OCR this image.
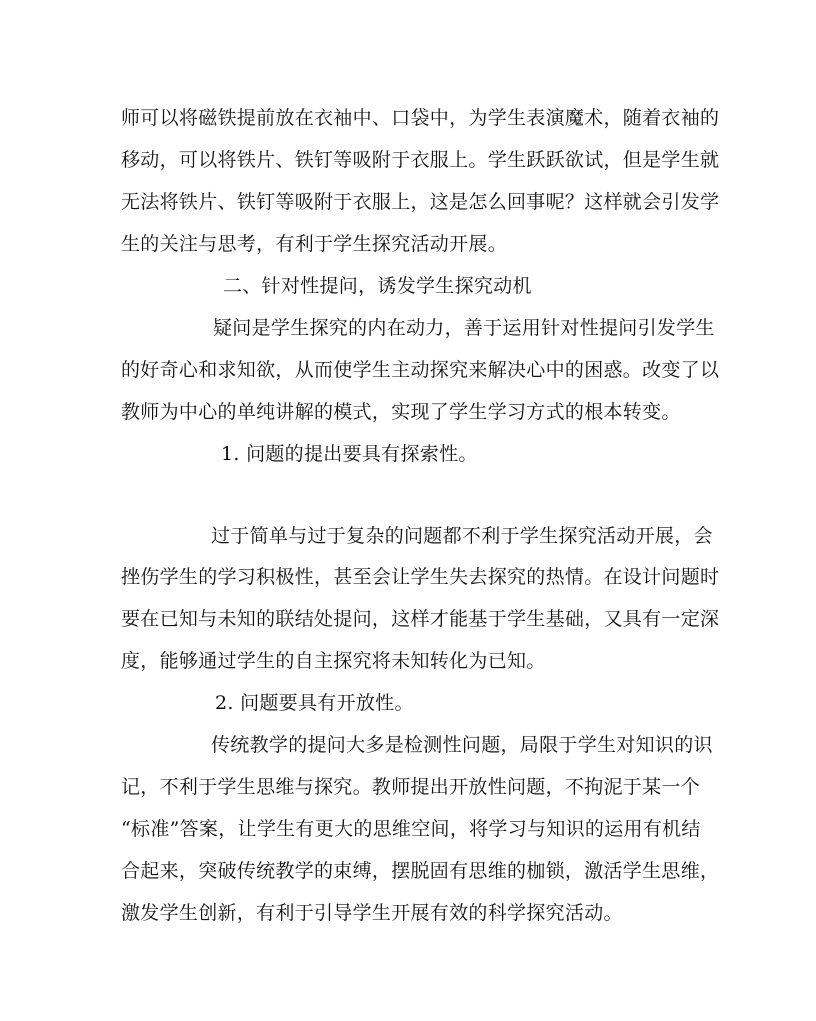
师可以将磁铁提前放在衣袖中、口袋中，为学生表演魔术，随着衣袖的
移动，可以将铁片、铁钉等吸附于衣服上。学生跃跃欲试，但是学生就
无法将铁片、铁钉等吸附于衣服上，这是怎么回事呢？这样就会引发学
生的关注与思考，有利于学生探究活动开展。
二、针对性提问，诱发学生探究动机
疑问是学生探究的内在动力，善于运用针对性提问引发学生
的好奇心和求知欲，从而使学生主动探究来解决心中的困惑。改变了以
教师为中心的单纯讲解的模式，实现了学生学习方式的根本转变。
1. 问题的提出要具有探索性。
过于简单与过于复杂的问题都不利于学生探究活动开展，会
挫伤学生的学习积极性，甚至会让学生失去探究的热情。在设计问题时
要在已知与未知的联结处提问，这样才能基于学生基础，又具有一定深
度，能够通过学生的自主探究将未知转化为已知。
2. 问题要具有开放性。
传统教学的提问大多是检测性问题，局限于学生对知识的识
记，不利于学生思维与探究。教师提出开放性问题，不拘泥于某一个
“标准”答案，让学生有更大的思维空间，将学习与知识的运用有机结
合起来，突破传统教学的束缚，摆脱固有思维的枷锁，激活学生思维，
激发学生创新，有利于引导学生开展有效的科学探究活动。
